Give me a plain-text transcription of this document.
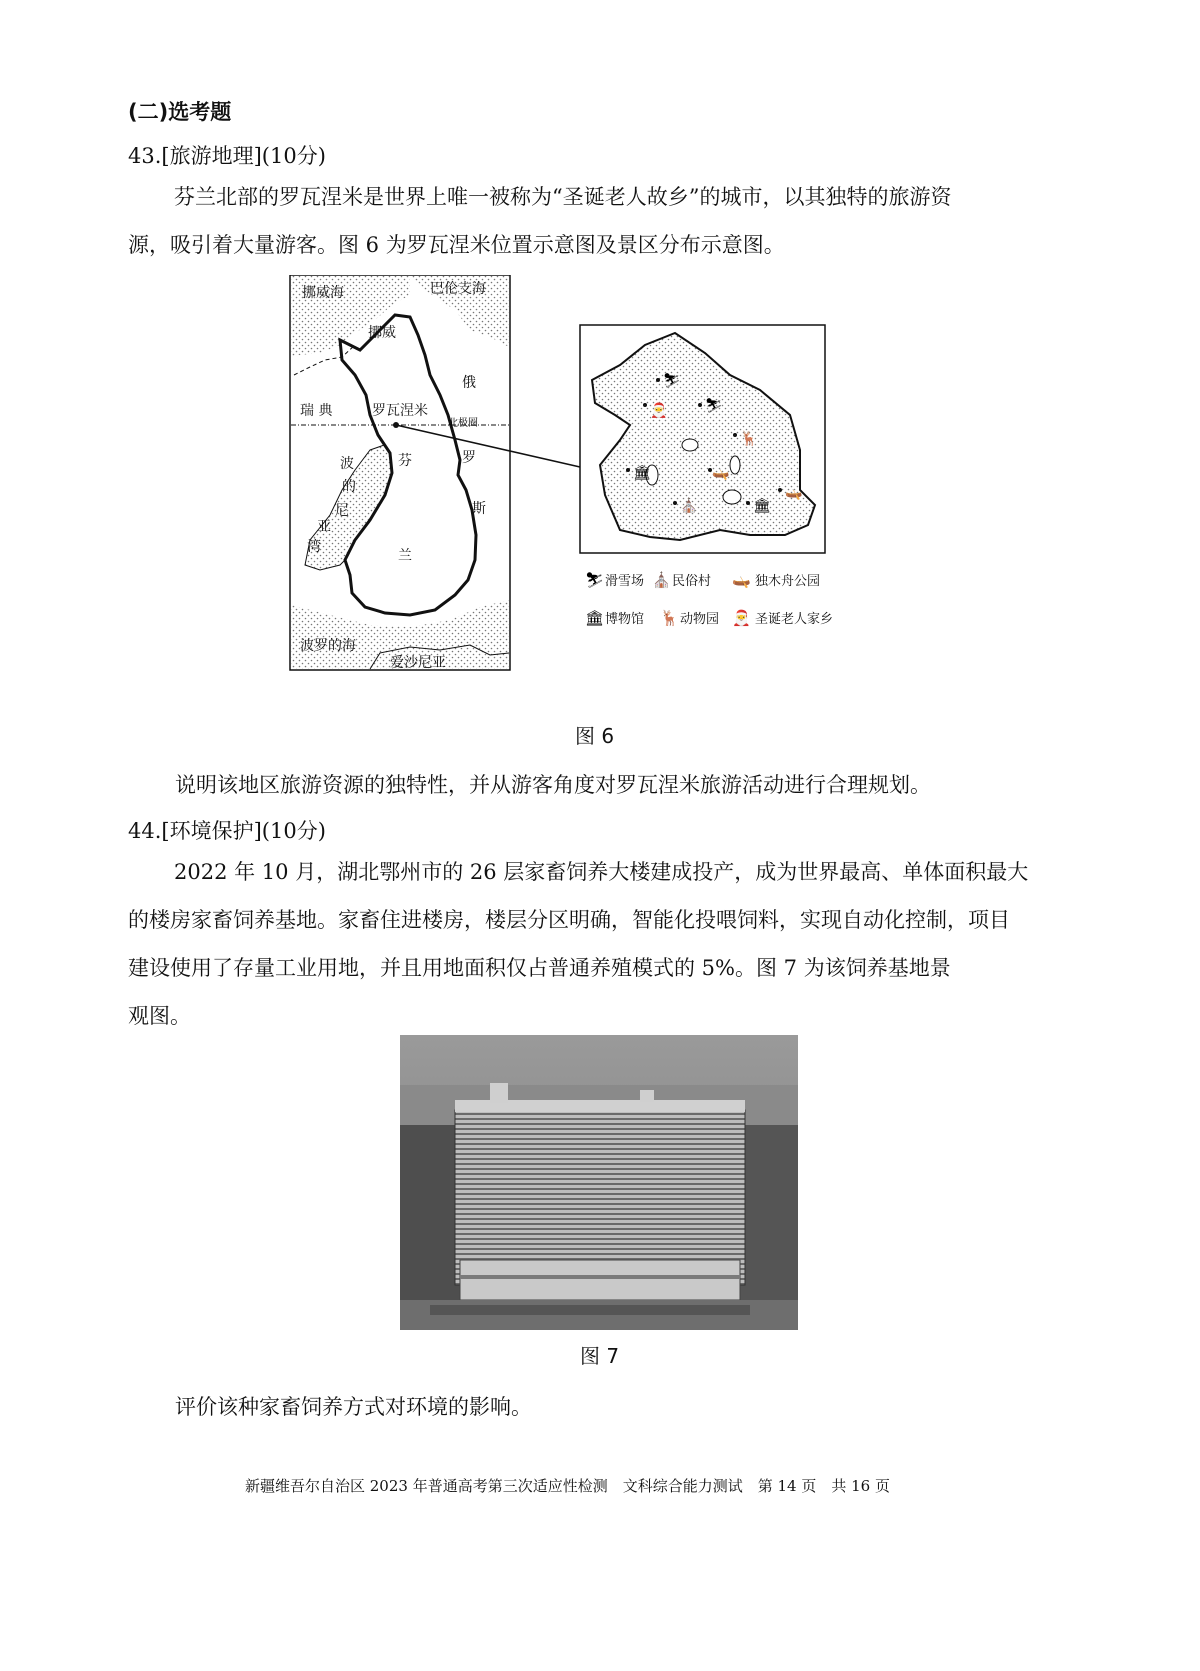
(二)选考题
43.[旅游地理](10分)
芬兰北部的罗瓦涅米是世界上唯一被称为“圣诞老人故乡”的城市，以其独特的旅游资
源，吸引着大量游客。图 6 为罗瓦涅米位置示意图及景区分布示意图。
挪威海	巴伦支海
挪威
瑞 典	罗瓦涅米
北极圈
俄
罗
斯
芬
兰
波
的
尼
亚
湾
波罗的海
爱沙尼亚
⛷
⛷
🎅
🦌
🏛	🛶
⛪	🏛
🛶
⛷ 滑雪场 ⛪ 民俗村 🛶 独木舟公园
🏛 博物馆 🦌 动物园 🎅 圣诞老人家乡
图 6
说明该地区旅游资源的独特性，并从游客角度对罗瓦涅米旅游活动进行合理规划。
44.[环境保护](10分)
2022 年 10 月，湖北鄂州市的 26 层家畜饲养大楼建成投产，成为世界最高、单体面积最大
的楼房家畜饲养基地。家畜住进楼房，楼层分区明确，智能化投喂饲料，实现自动化控制，项目
建设使用了存量工业用地，并且用地面积仅占普通养殖模式的 5%。图 7 为该饲养基地景
观图。
图 7
评价该种家畜饲养方式对环境的影响。
新疆维吾尔自治区 2023 年普通高考第三次适应性检测　文科综合能力测试　第 14 页　共 16 页
